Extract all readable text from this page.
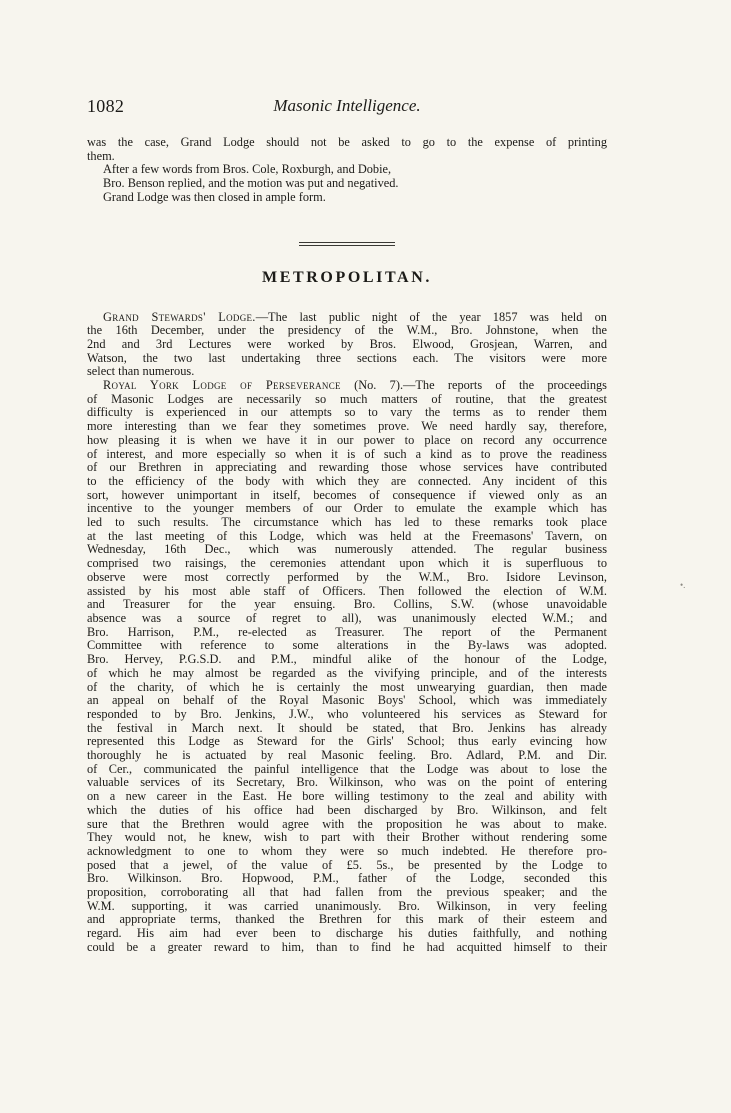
1082	Masonic Intelligence.

was the case, Grand Lodge should not be asked to go to the expense of printing
them.

After a few words from Bros. Cole, Roxburgh, and Dobie,
Bro. Benson replied, and the motion was put and negatived.
Grand Lodge was then closed in ample form.

METROPOLITAN.

Grand Stewards' Lodge.—The last public night of the year 1857 was held on
the 16th December, under the presidency of the W.M., Bro. Johnstone, when the
2nd and 3rd Lectures were worked by Bros. Elwood, Grosjean, Warren, and
Watson, the two last undertaking three sections each. The visitors were more
select than numerous.

Royal York Lodge of Perseverance (No. 7).—The reports of the proceedings
of Masonic Lodges are necessarily so much matters of routine, that the greatest
difficulty is experienced in our attempts so to vary the terms as to render them
more interesting than we fear they sometimes prove. We need hardly say, therefore,
how pleasing it is when we have it in our power to place on record any occurrence
of interest, and more especially so when it is of such a kind as to prove the readiness
of our Brethren in appreciating and rewarding those whose services have contributed
to the efficiency of the body with which they are connected. Any incident of this
sort, however unimportant in itself, becomes of consequence if viewed only as an
incentive to the younger members of our Order to emulate the example which has
led to such results. The circumstance which has led to these remarks took place
at the last meeting of this Lodge, which was held at the Freemasons' Tavern, on
Wednesday, 16th Dec., which was numerously attended. The regular business
comprised two raisings, the ceremonies attendant upon which it is superfluous to
observe were most correctly performed by the W.M., Bro. Isidore Levinson,
assisted by his most able staff of Officers. Then followed the election of W.M.
and Treasurer for the year ensuing. Bro. Collins, S.W. (whose unavoidable
absence was a source of regret to all), was unanimously elected W.M.; and
Bro. Harrison, P.M., re-elected as Treasurer. The report of the Permanent
Committee with reference to some alterations in the By-laws was adopted.
Bro. Hervey, P.G.S.D. and P.M., mindful alike of the honour of the Lodge,
of which he may almost be regarded as the vivifying principle, and of the interests
of the charity, of which he is certainly the most unwearying guardian, then made
an appeal on behalf of the Royal Masonic Boys' School, which was immediately
responded to by Bro. Jenkins, J.W., who volunteered his services as Steward for
the festival in March next. It should be stated, that Bro. Jenkins has already
represented this Lodge as Steward for the Girls' School; thus early evincing how
thoroughly he is actuated by real Masonic feeling. Bro. Adlard, P.M. and Dir.
of Cer., communicated the painful intelligence that the Lodge was about to lose the
valuable services of its Secretary, Bro. Wilkinson, who was on the point of entering
on a new career in the East. He bore willing testimony to the zeal and ability with
which the duties of his office had been discharged by Bro. Wilkinson, and felt
sure that the Brethren would agree with the proposition he was about to make.
They would not, he knew, wish to part with their Brother without rendering some
acknowledgment to one to whom they were so much indebted. He therefore pro-
posed that a jewel, of the value of £5. 5s., be presented by the Lodge to
Bro. Wilkinson. Bro. Hopwood, P.M., father of the Lodge, seconded this
proposition, corroborating all that had fallen from the previous speaker; and the
W.M. supporting, it was carried unanimously. Bro. Wilkinson, in very feeling
and appropriate terms, thanked the Brethren for this mark of their esteem and
regard. His aim had ever been to discharge his duties faithfully, and nothing
could be a greater reward to him, than to find he had acquitted himself to their

•.
